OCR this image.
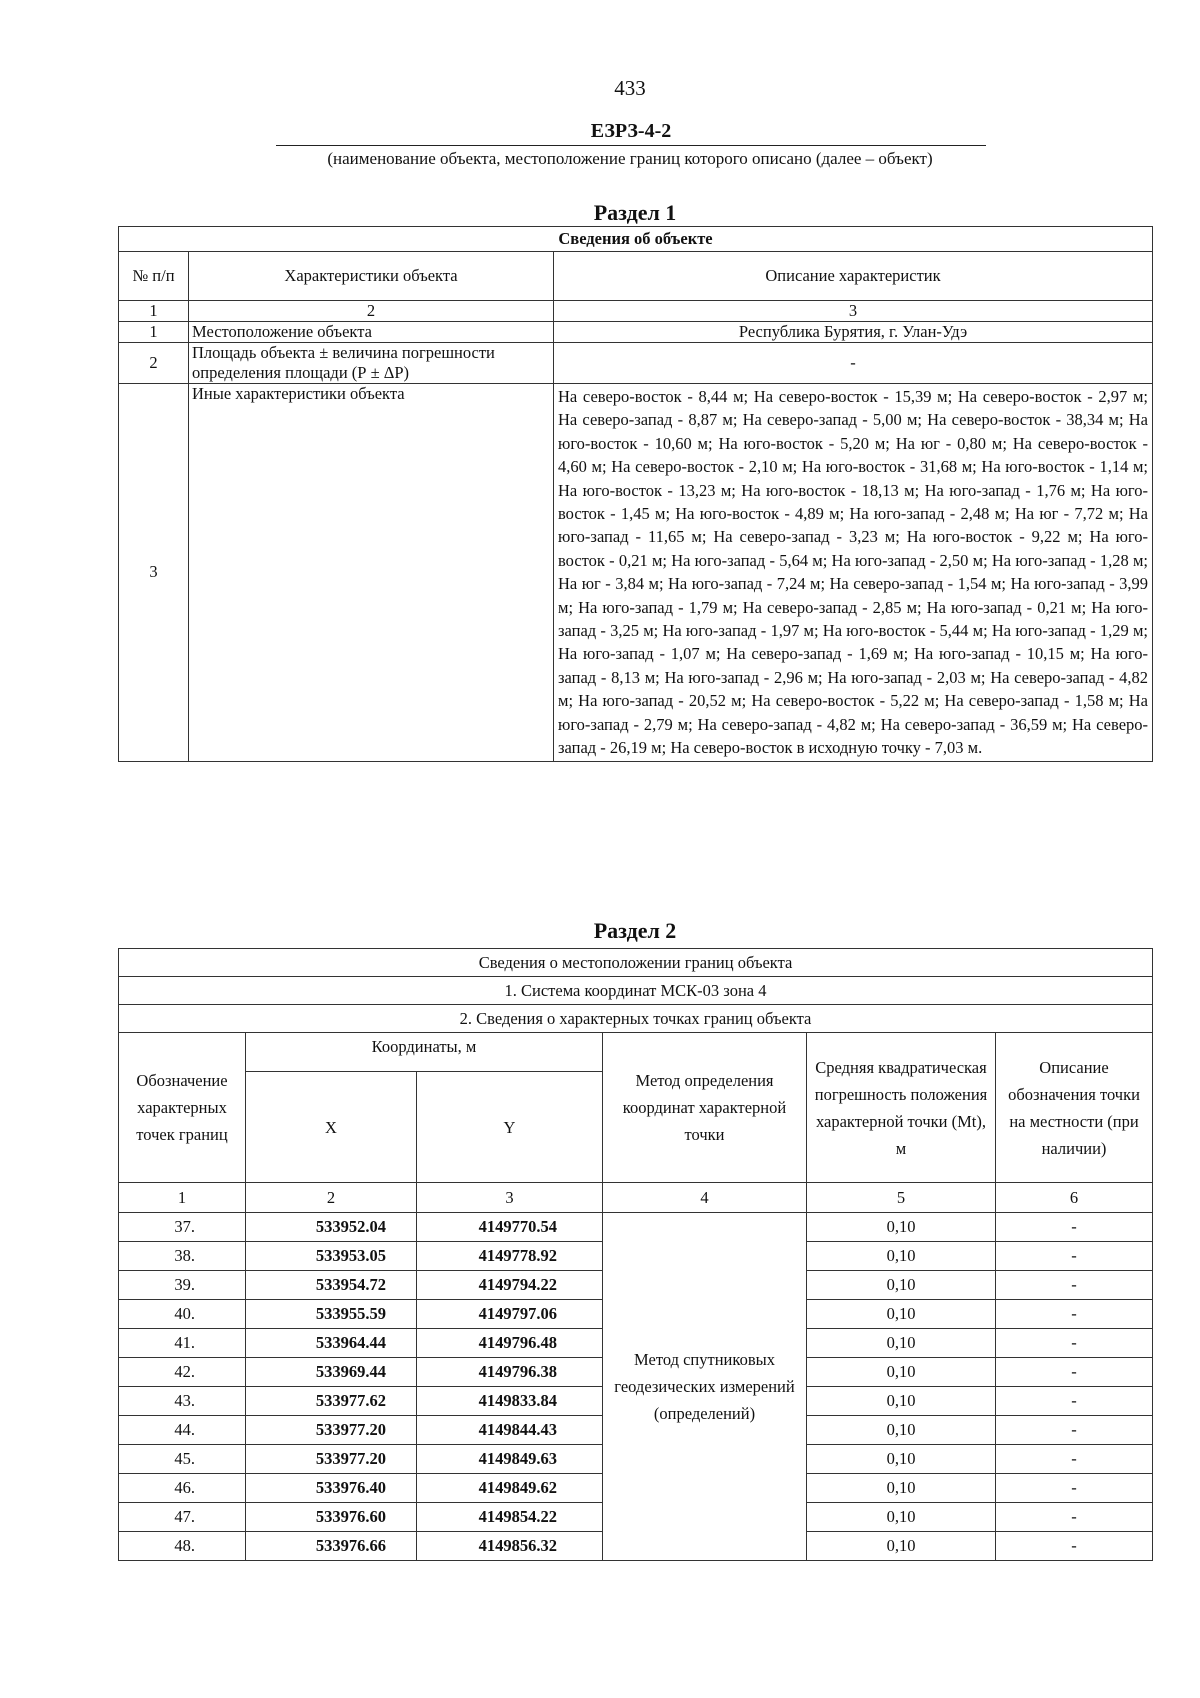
433
ЕЗРЗ-4-2
(наименование объекта, местоположение границ которого описано (далее – объект)
Раздел 1
Сведения об объекте		
№ п/п	Характеристики объекта	Описание характеристик
1	2	3
1	Местоположение объекта	Республика Бурятия, г. Улан-Удэ
2	Площадь объекта ± величина погрешности определения площади (Р ± ΔР)	-
3	Иные характеристики объекта	На северо-восток - 8,44 м; На северо-восток - 15,39 м; На северо-восток - 2,97 м; На северо-запад - 8,87 м; На северо-запад - 5,00 м; На северо-восток - 38,34 м; На юго-восток - 10,60 м; На юго-восток - 5,20 м; На юг - 0,80 м; На северо-восток - 4,60 м; На северо-восток - 2,10 м; На юго-восток - 31,68 м; На юго-восток - 1,14 м; На юго-восток - 13,23 м; На юго-восток - 18,13 м; На юго-запад - 1,76 м; На юго-восток - 1,45 м; На юго-восток - 4,89 м; На юго-запад - 2,48 м; На юг - 7,72 м; На юго-запад - 11,65 м; На северо-запад - 3,23 м; На юго-восток - 9,22 м; На юго-восток - 0,21 м; На юго-запад - 5,64 м; На юго-запад - 2,50 м; На юго-запад - 1,28 м; На юг - 3,84 м; На юго-запад - 7,24 м; На северо-запад - 1,54 м; На юго-запад - 3,99 м; На юго-запад - 1,79 м; На северо-запад - 2,85 м; На юго-запад - 0,21 м; На юго-запад - 3,25 м; На юго-запад - 1,97 м; На юго-восток - 5,44 м; На юго-запад - 1,29 м; На юго-запад - 1,07 м; На северо-запад - 1,69 м; На юго-запад - 10,15 м; На юго-запад - 8,13 м; На юго-запад - 2,96 м; На юго-запад - 2,03 м; На северо-запад - 4,82 м; На юго-запад - 20,52 м; На северо-восток - 5,22 м; На северо-запад - 1,58 м; На юго-запад - 2,79 м; На северо-запад - 4,82 м; На северо-запад - 36,59 м; На северо-запад - 26,19 м; На северо-восток в исходную точку - 7,03 м.
Раздел 2
Сведения о местоположении границ объекта					
1. Система координат МСК-03 зона 4					
2. Сведения о характерных точках границ объекта					
Обозначение характерных точек границ	Координаты, м		Метод определения координат характерной точки	Средняя квадратическая погрешность положения характерной точки (Mt), м	Описание обозначения точки на местности (при наличии)
	X	Y			
1	2	3	4	5	6
37.	533952.04	4149770.54	Метод спутниковых геодезических измерений (определений)	0,10	-
38.	533953.05	4149778.92		0,10	-
39.	533954.72	4149794.22		0,10	-
40.	533955.59	4149797.06		0,10	-
41.	533964.44	4149796.48		0,10	-
42.	533969.44	4149796.38		0,10	-
43.	533977.62	4149833.84		0,10	-
44.	533977.20	4149844.43		0,10	-
45.	533977.20	4149849.63		0,10	-
46.	533976.40	4149849.62		0,10	-
47.	533976.60	4149854.22		0,10	-
48.	533976.66	4149856.32		0,10	-
